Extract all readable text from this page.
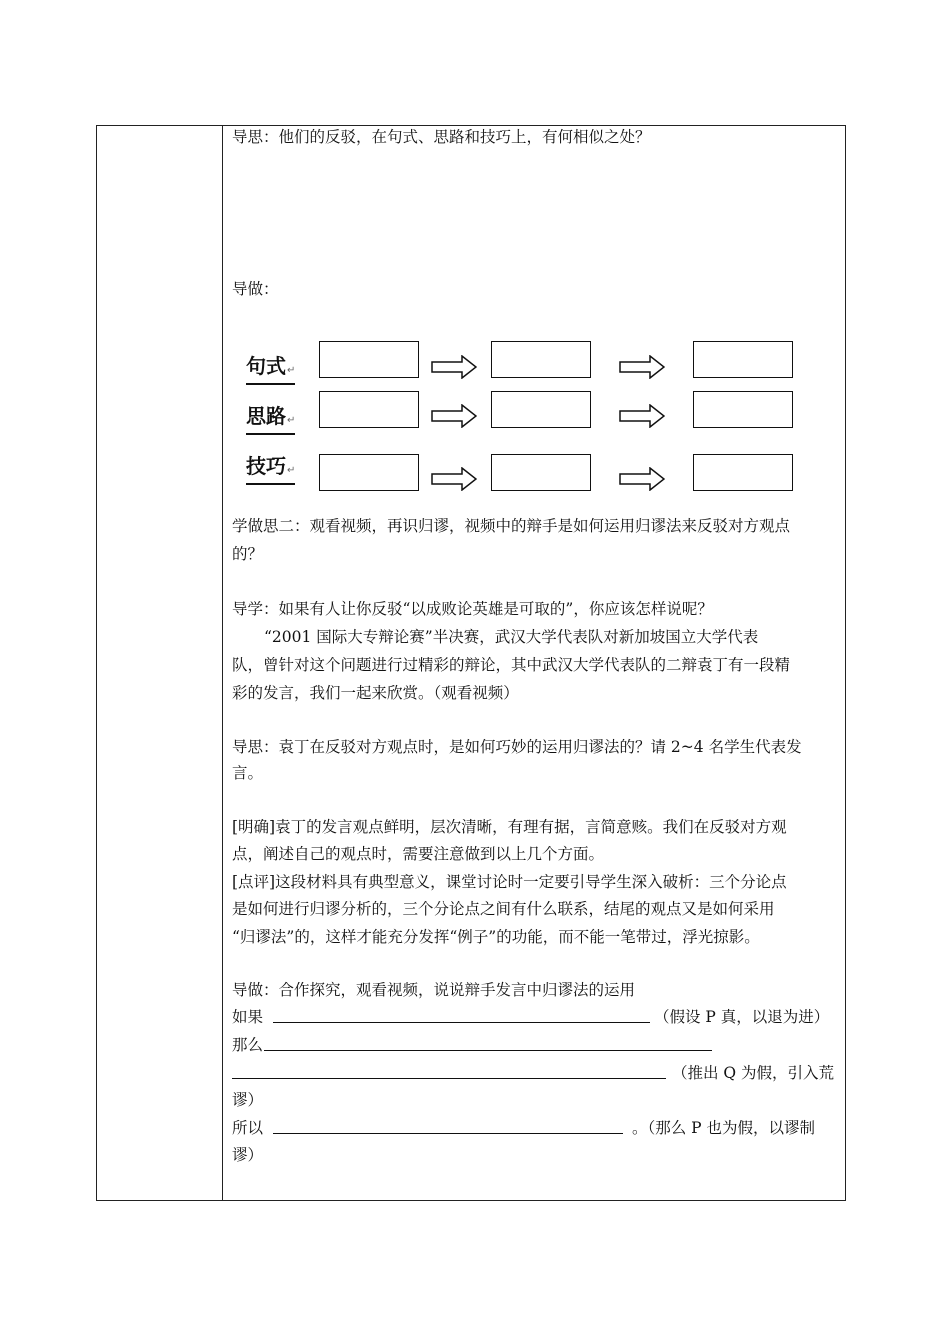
导思：他们的反驳，在句式、思路和技巧上，有何相似之处？
导做：
句式↵
思路↵
技巧↵
学做思二：观看视频，再识归谬，视频中的辩手是如何运用归谬法来反驳对方观点
的？
导学：如果有人让你反驳“以成败论英雄是可取的”，你应该怎样说呢？
“2001 国际大专辩论赛”半决赛，武汉大学代表队对新加坡国立大学代表
队，曾针对这个问题进行过精彩的辩论，其中武汉大学代表队的二辩袁丁有一段精
彩的发言，我们一起来欣赏。（观看视频）
导思：袁丁在反驳对方观点时，是如何巧妙的运用归谬法的？请 2~4 名学生代表发
言。
[明确]袁丁的发言观点鲜明，层次清晰，有理有据，言简意赅。我们在反驳对方观
点，阐述自己的观点时，需要注意做到以上几个方面。
[点评]这段材料具有典型意义，课堂讨论时一定要引导学生深入破析：三个分论点
是如何进行归谬分析的，三个分论点之间有什么联系，结尾的观点又是如何采用
“归谬法”的，这样才能充分发挥“例子”的功能，而不能一笔带过，浮光掠影。
导做：合作探究，观看视频，说说辩手发言中归谬法的运用
如果	（假设 P 真，以退为进）
那么
（推出 Q 为假，引入荒
谬）
所以	。（那么 P 也为假，以谬制
谬）
